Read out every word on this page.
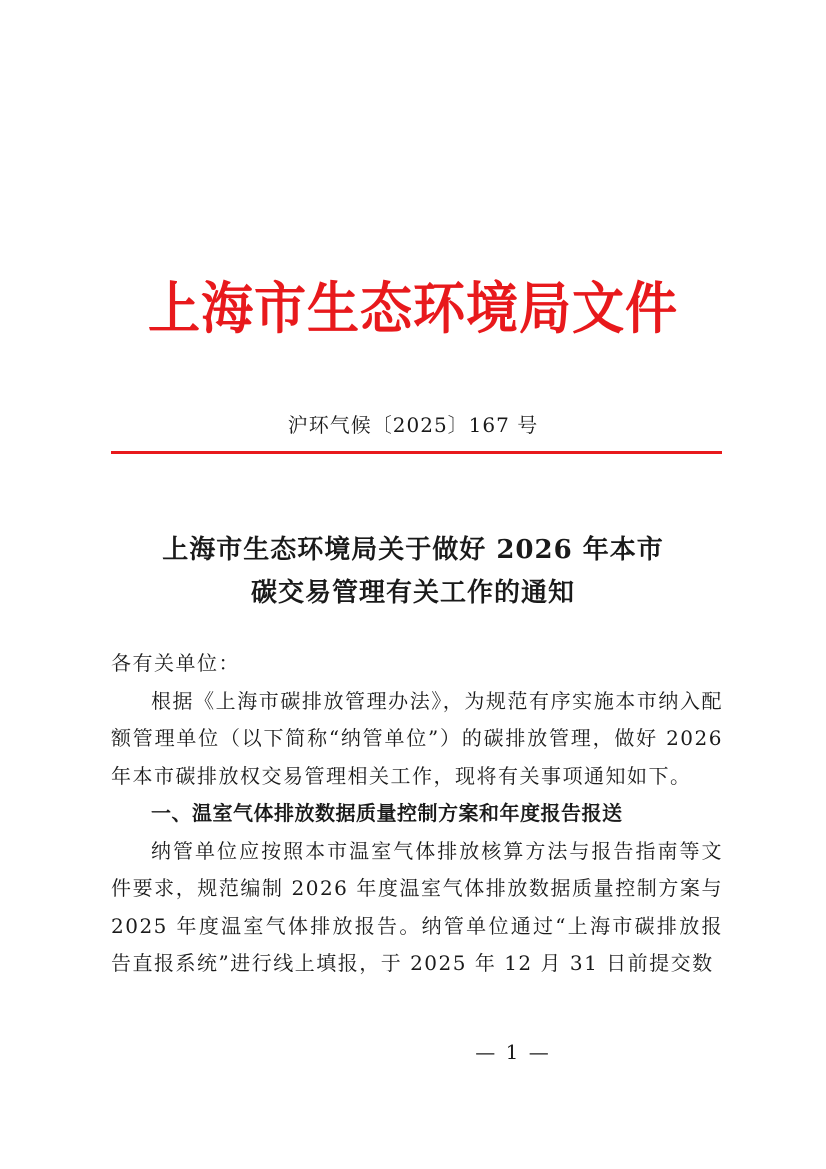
上海市生态环境局文件
沪环气候〔2025〕167 号
上海市生态环境局关于做好 2026 年本市
碳交易管理有关工作的通知

各有关单位：

根据《上海市碳排放管理办法》，为规范有序实施本市纳入配额管理单位（以下简称“纳管单位”）的碳排放管理，做好 2026 年本市碳排放权交易管理相关工作，现将有关事项通知如下。

一、温室气体排放数据质量控制方案和年度报告报送

纳管单位应按照本市温室气体排放核算方法与报告指南等文件要求，规范编制 2026 年度温室气体排放数据质量控制方案与 2025 年度温室气体排放报告。纳管单位通过“上海市碳排放报告直报系统”进行线上填报，于 2025 年 12 月 31 日前提交数

— 1 —
